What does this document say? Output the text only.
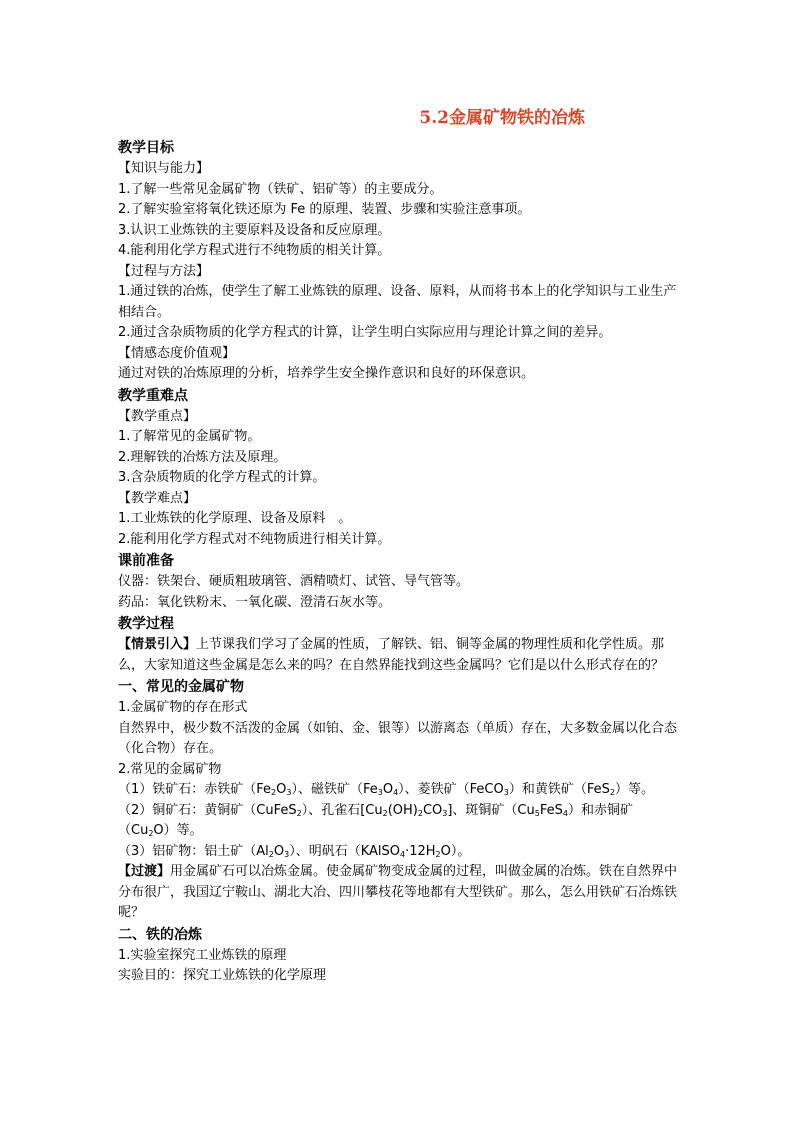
5.2金属矿物铁的冶炼
教学目标
【知识与能力】
1.了解一些常见金属矿物（铁矿、铝矿等）的主要成分。
2.了解实验室将氧化铁还原为 Fe 的原理、装置、步骤和实验注意事项。
3.认识工业炼铁的主要原料及设备和反应原理。
4.能利用化学方程式进行不纯物质的相关计算。
【过程与方法】
1.通过铁的冶炼，使学生了解工业炼铁的原理、设备、原料，从而将书本上的化学知识与工业生产相结合。
2.通过含杂质物质的化学方程式的计算，让学生明白实际应用与理论计算之间的差异。
【情感态度价值观】
通过对铁的冶炼原理的分析，培养学生安全操作意识和良好的环保意识。
教学重难点
【教学重点】
1.了解常见的金属矿物。
2.理解铁的冶炼方法及原理。
3.含杂质物质的化学方程式的计算。
【教学难点】
1.工业炼铁的化学原理、设备及原料　。
2.能利用化学方程式对不纯物质进行相关计算。
课前准备
仪器：铁架台、硬质粗玻璃管、酒精喷灯、试管、导气管等。
药品：氧化铁粉末、一氧化碳、澄清石灰水等。
教学过程
【情景引入】上节课我们学习了金属的性质，了解铁、铝、铜等金属的物理性质和化学性质。那么，大家知道这些金属是怎么来的吗？在自然界能找到这些金属吗？它们是以什么形式存在的？
一、常见的金属矿物
1.金属矿物的存在形式
自然界中，极少数不活泼的金属（如铂、金、银等）以游离态（单质）存在，大多数金属以化合态（化合物）存在。
2.常见的金属矿物
（1）铁矿石：赤铁矿$(Fe_2O_3)$、磁铁矿$(Fe_3O_4)$、菱铁矿（FeCO$_3$）和黄铁矿（FeS$_2$）等。
（2）铜矿石：黄铜矿（CuFeS$_2$）、孔雀石$[Cu_2(OH)_2CO_3]$、斑铜矿$(Cu_5FeS_4)$和赤铜矿$(Cu_2O)$等。
（3）铝矿物：铝土矿$(Al_2O_3)$、明矾石$(KAlSO_4\cdot 12H_2O)$。
【过渡】用金属矿石可以冶炼金属。使金属矿物变成金属的过程，叫做金属的冶炼。铁在自然界中分布很广，我国辽宁鞍山、湖北大冶、四川攀枝花等地都有大型铁矿。那么，怎么用铁矿石冶炼铁呢？
二、铁的冶炼
1.实验室探究工业炼铁的原理
实验目的：探究工业炼铁的化学原理
